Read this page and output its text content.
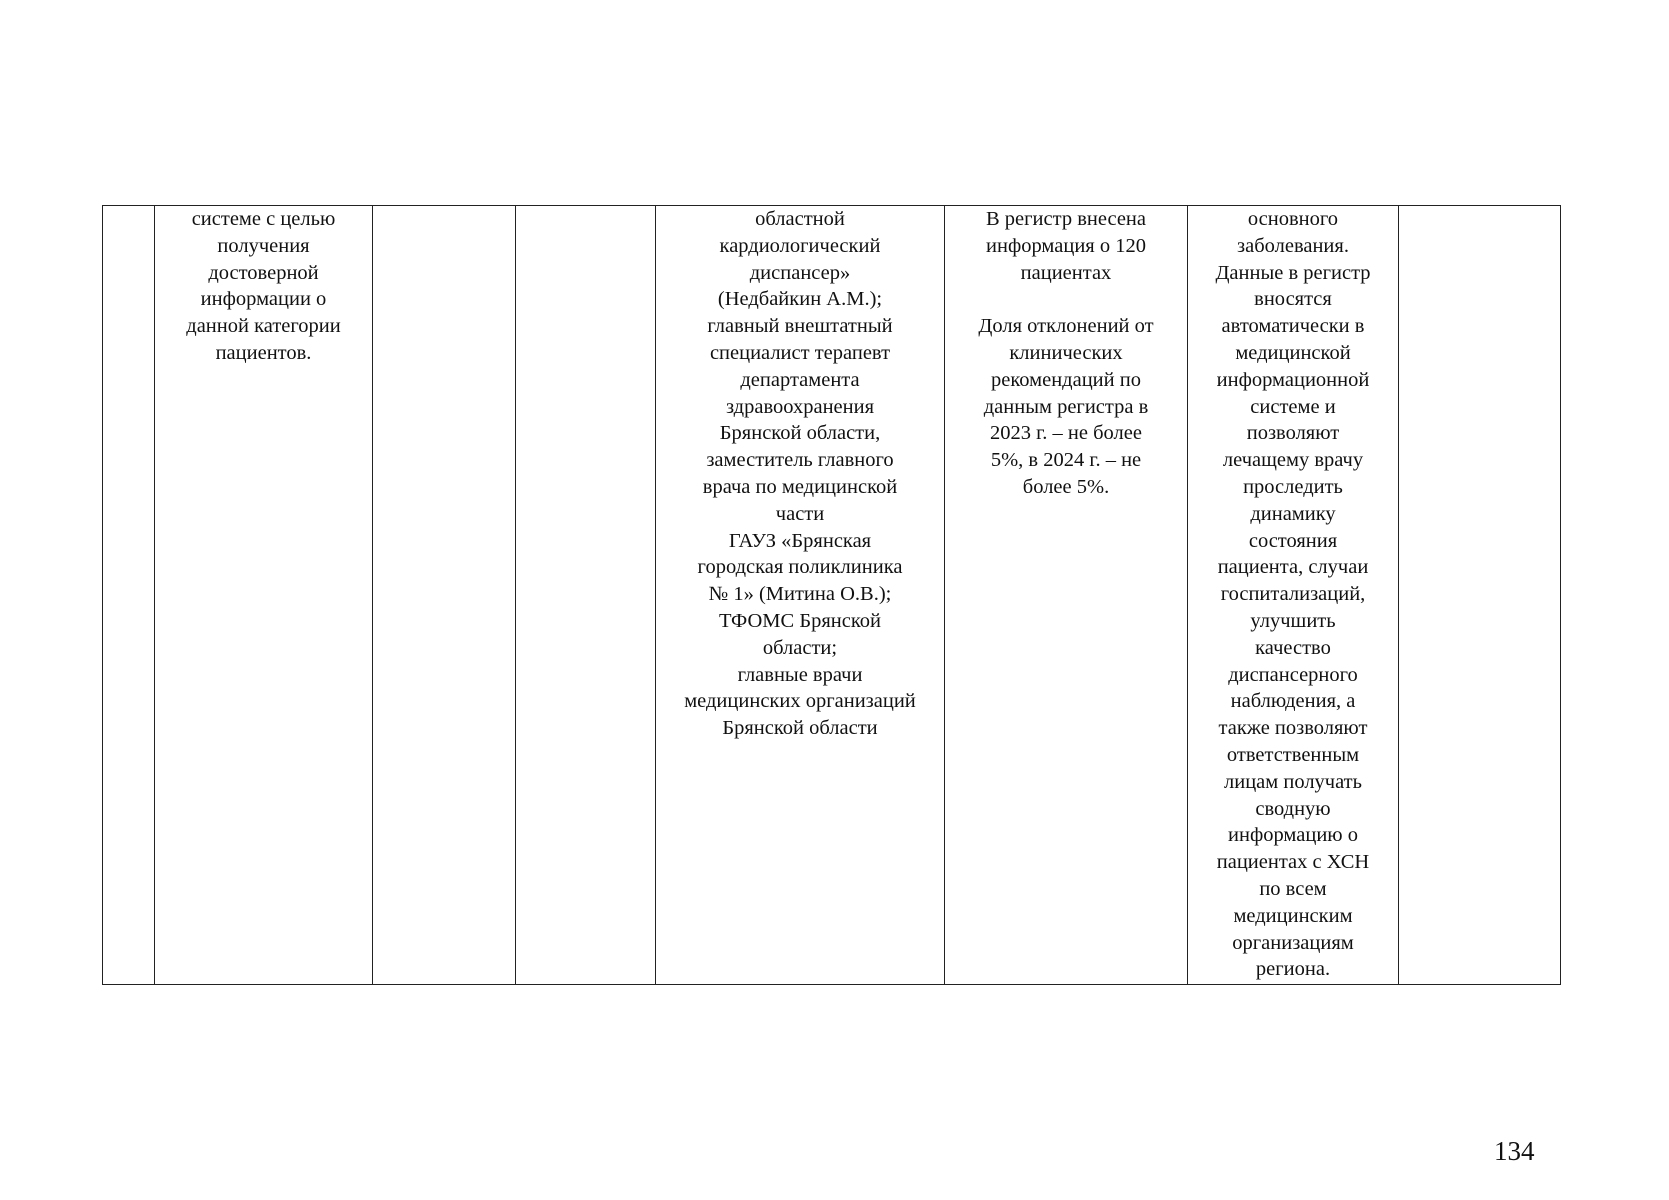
	системе с целью
получения
достоверной
информации о
данной категории
пациентов.			областной
кардиологический
диспансер»
(Недбайкин А.М.);
главный внештатный
специалист терапевт
департамента
здравоохранения
Брянской области,
заместитель главного
врача по медицинской
части
ГАУЗ «Брянская
городская поликлиника
№ 1» (Митина О.В.);
ТФОМС Брянской
области;
главные врачи
медицинских организаций
Брянской области	В регистр внесена
информация о 120
пациентах

Доля отклонений от
клинических
рекомендаций по
данным регистра в
2023 г. – не более
5%, в 2024 г. – не
более 5%.	основного
заболевания.
Данные в регистр
вносятся
автоматически в
медицинской
информационной
системе и
позволяют
лечащему врачу
проследить
динамику
состояния
пациента, случаи
госпитализаций,
улучшить
качество
диспансерного
наблюдения, а
также позволяют
ответственным
лицам получать
сводную
информацию о
пациентах с ХСН
по всем
медицинским
организациям
региона.	
134
